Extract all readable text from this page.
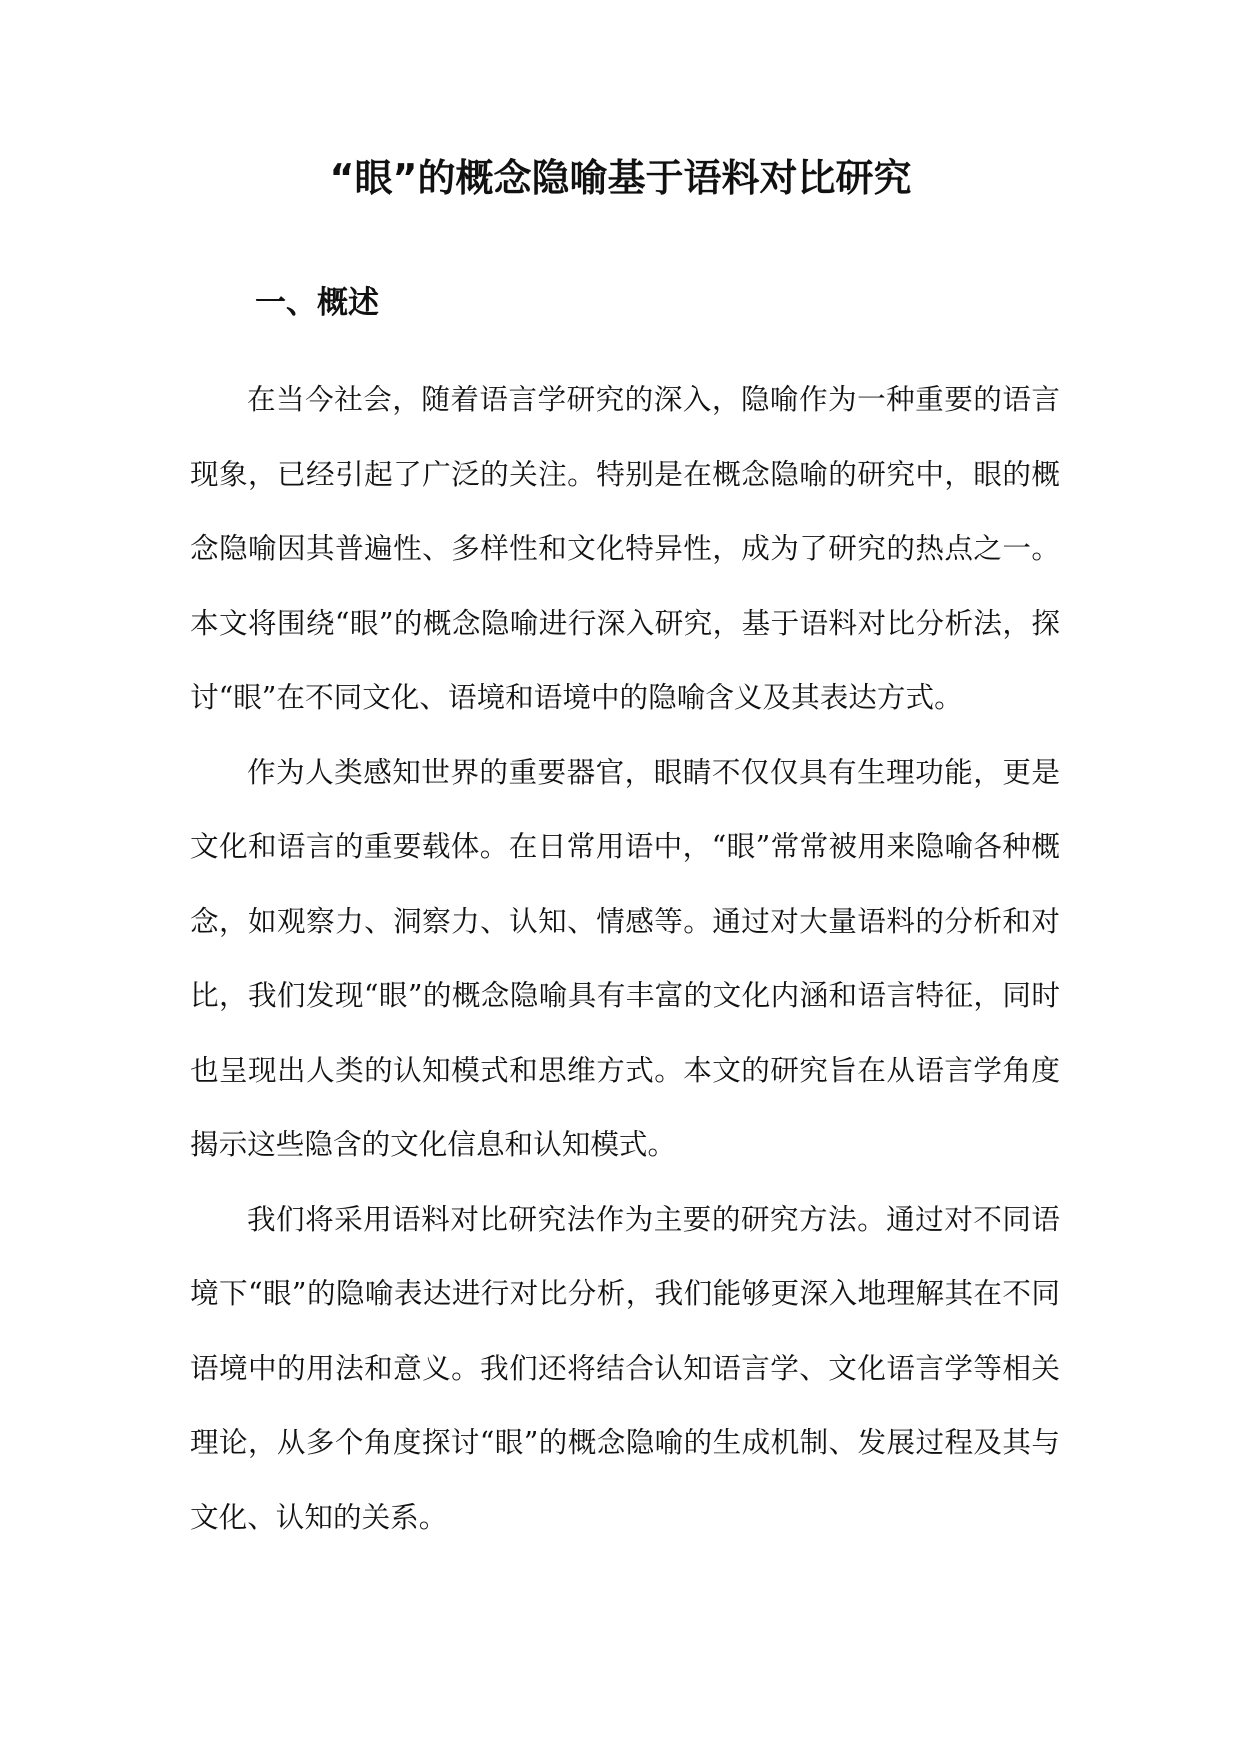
“眼”的概念隐喻基于语料对比研究
一、概述

在当今社会，随着语言学研究的深入，隐喻作为一种重要的语言现象，已经引起了广泛的关注。特别是在概念隐喻的研究中，眼的概念隐喻因其普遍性、多样性和文化特异性，成为了研究的热点之一。本文将围绕“眼”的概念隐喻进行深入研究，基于语料对比分析法，探讨“眼”在不同文化、语境和语境中的隐喻含义及其表达方式。

作为人类感知世界的重要器官，眼睛不仅仅具有生理功能，更是文化和语言的重要载体。在日常用语中，“眼”常常被用来隐喻各种概念，如观察力、洞察力、认知、情感等。通过对大量语料的分析和对比，我们发现“眼”的概念隐喻具有丰富的文化内涵和语言特征，同时也呈现出人类的认知模式和思维方式。本文的研究旨在从语言学角度揭示这些隐含的文化信息和认知模式。

我们将采用语料对比研究法作为主要的研究方法。通过对不同语境下“眼”的隐喻表达进行对比分析，我们能够更深入地理解其在不同语境中的用法和意义。我们还将结合认知语言学、文化语言学等相关理论，从多个角度探讨“眼”的概念隐喻的生成机制、发展过程及其与文化、认知的关系。
